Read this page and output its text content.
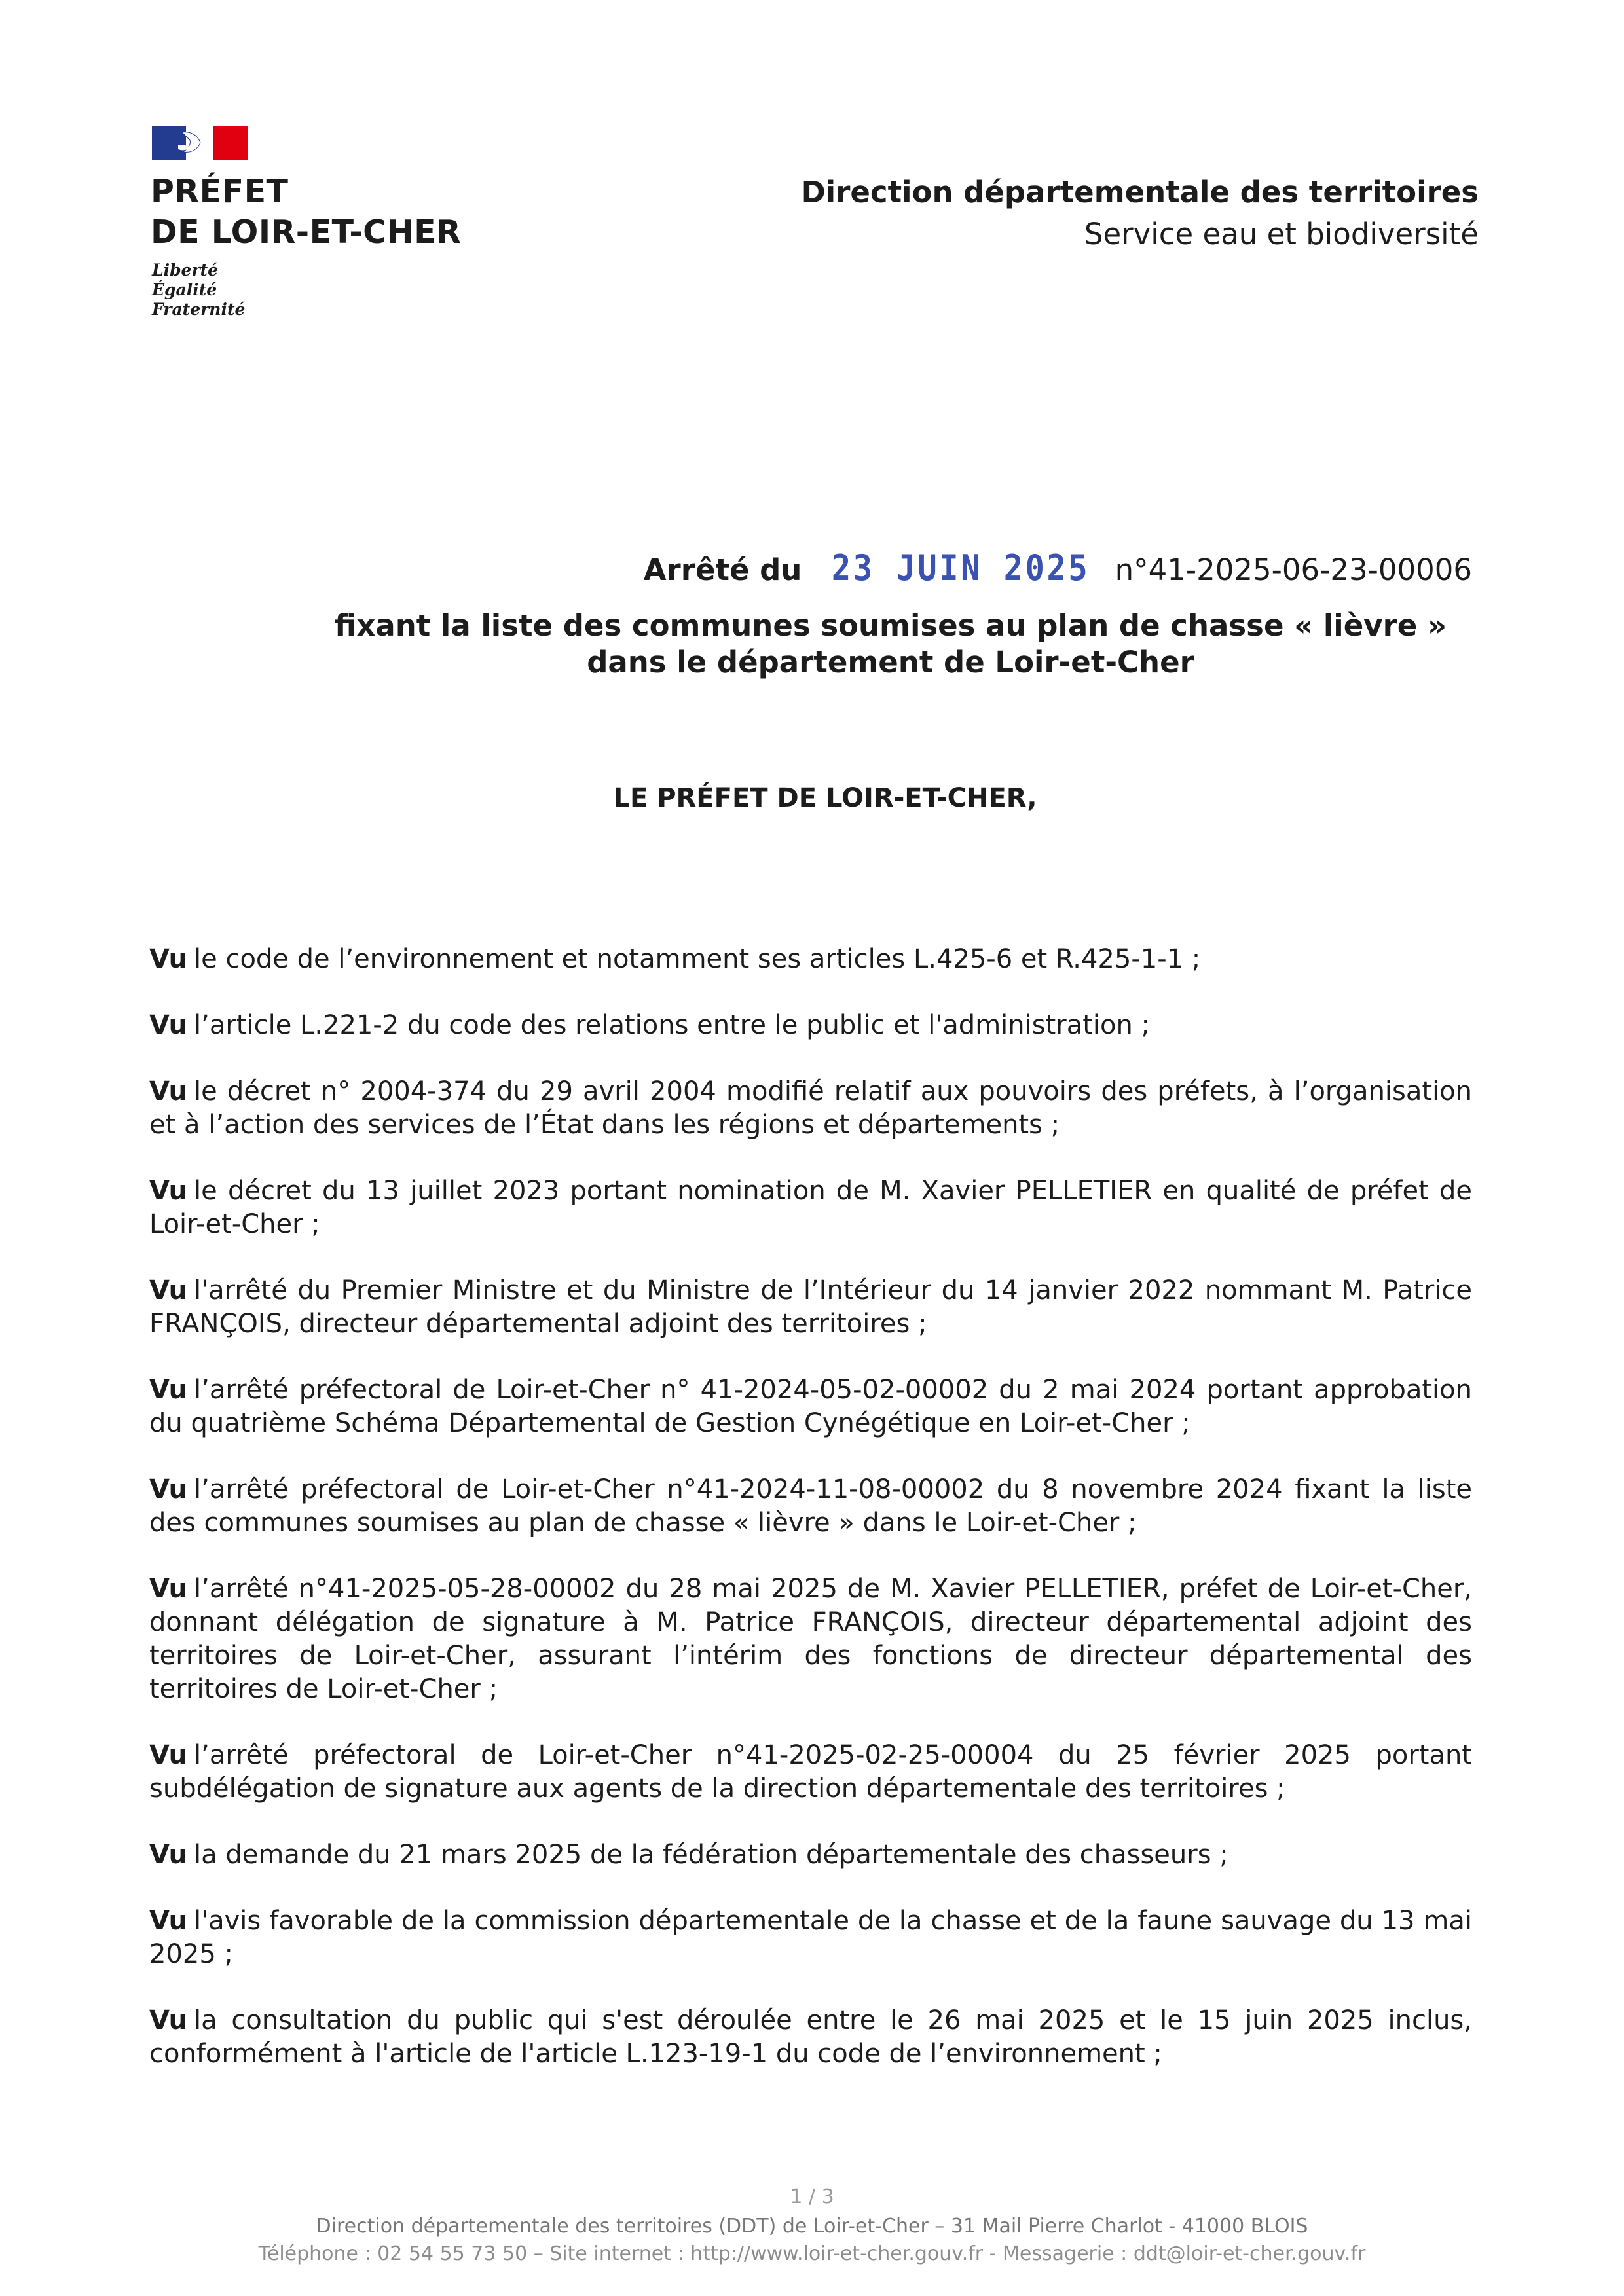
PRÉFET
DE LOIR-ET-CHER
Liberté
Égalité
Fraternité
Direction départementale des territoires
Service eau et biodiversité
Arrêté du 23 JUIN 2025 n°41-2025-06-23-00006
fixant la liste des communes soumises au plan de chasse « lièvre »
dans le département de Loir-et-Cher
LE PRÉFET DE LOIR-ET-CHER,

Vu le code de l’environnement et notamment ses articles L.425-6 et R.425-1-1 ;

Vu l’article L.221-2 du code des relations entre le public et l'administration ;

Vu le décret n° 2004-374 du 29 avril 2004 modifié relatif aux pouvoirs des préfets, à l’organisation et à l’action des services de l’État dans les régions et départements ;

Vu le décret du 13 juillet 2023 portant nomination de M. Xavier PELLETIER en qualité de préfet de Loir-et-Cher ;

Vu l'arrêté du Premier Ministre et du Ministre de l’Intérieur du 14 janvier 2022 nommant M. Patrice FRANÇOIS, directeur départemental adjoint des territoires ;

Vu l’arrêté préfectoral de Loir-et-Cher n° 41-2024-05-02-00002 du 2 mai 2024 portant approbation du quatrième Schéma Départemental de Gestion Cynégétique en Loir-et-Cher ;

Vu l’arrêté préfectoral de Loir-et-Cher n°41-2024-11-08-00002 du 8 novembre 2024 fixant la liste des communes soumises au plan de chasse « lièvre » dans le Loir-et-Cher ;

Vu l’arrêté n°41-2025-05-28-00002 du 28 mai 2025 de M. Xavier PELLETIER, préfet de Loir-et-Cher, donnant délégation de signature à M. Patrice FRANÇOIS, directeur départemental adjoint des territoires de Loir-et-Cher, assurant l’intérim des fonctions de directeur départemental des territoires de Loir-et-Cher ;

Vu l’arrêté préfectoral de Loir-et-Cher n°41-2025-02-25-00004 du 25 février 2025 portant subdélégation de signature aux agents de la direction départementale des territoires ;

Vu la demande du 21 mars 2025 de la fédération départementale des chasseurs ;

Vu l'avis favorable de la commission départementale de la chasse et de la faune sauvage du 13 mai 2025 ;

Vu la consultation du public qui s'est déroulée entre le 26 mai 2025 et le 15 juin 2025 inclus, conformément à l'article de l'article L.123-19-1 du code de l’environnement ;

1 / 3
Direction départementale des territoires (DDT) de Loir-et-Cher – 31 Mail Pierre Charlot - 41000 BLOIS
Téléphone : 02 54 55 73 50 – Site internet : http://www.loir-et-cher.gouv.fr - Messagerie : ddt@loir-et-cher.gouv.fr
